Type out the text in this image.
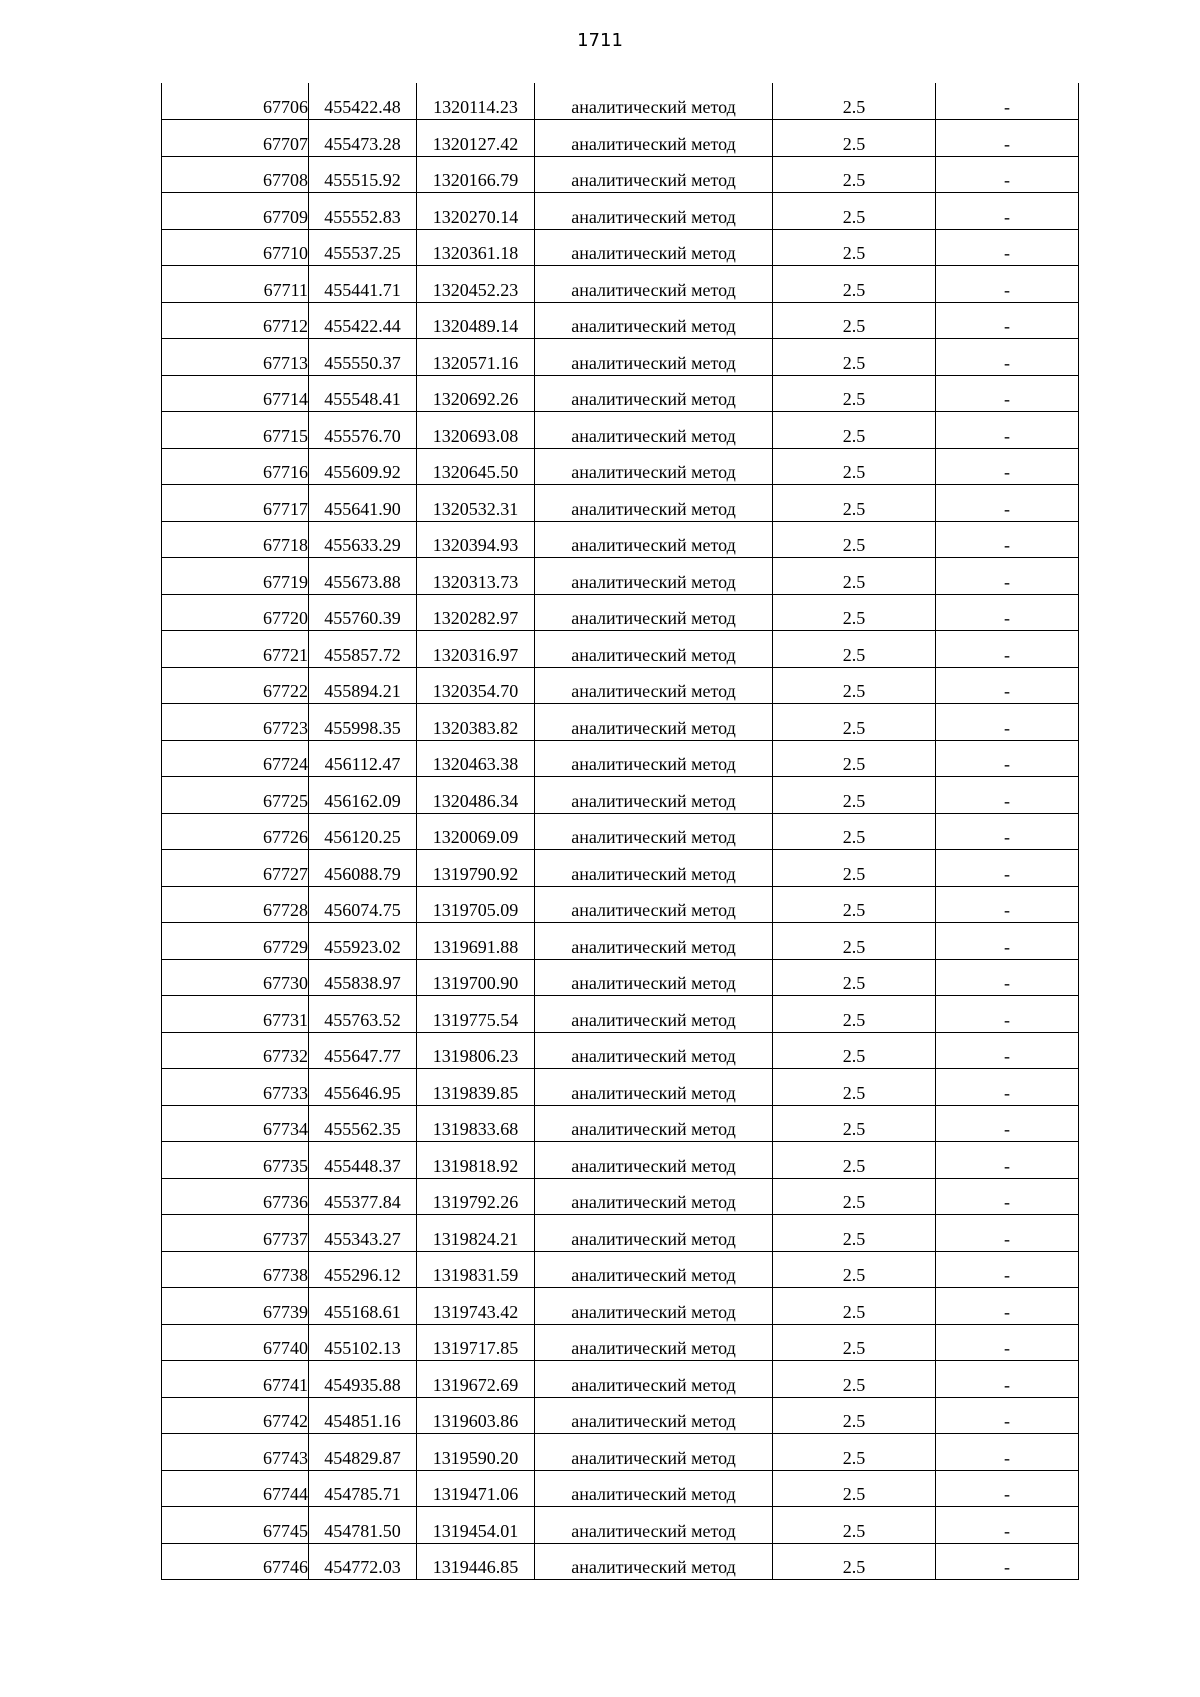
1711
67706	455422.48	1320114.23	аналитический метод	2.5	-
67707	455473.28	1320127.42	аналитический метод	2.5	-
67708	455515.92	1320166.79	аналитический метод	2.5	-
67709	455552.83	1320270.14	аналитический метод	2.5	-
67710	455537.25	1320361.18	аналитический метод	2.5	-
67711	455441.71	1320452.23	аналитический метод	2.5	-
67712	455422.44	1320489.14	аналитический метод	2.5	-
67713	455550.37	1320571.16	аналитический метод	2.5	-
67714	455548.41	1320692.26	аналитический метод	2.5	-
67715	455576.70	1320693.08	аналитический метод	2.5	-
67716	455609.92	1320645.50	аналитический метод	2.5	-
67717	455641.90	1320532.31	аналитический метод	2.5	-
67718	455633.29	1320394.93	аналитический метод	2.5	-
67719	455673.88	1320313.73	аналитический метод	2.5	-
67720	455760.39	1320282.97	аналитический метод	2.5	-
67721	455857.72	1320316.97	аналитический метод	2.5	-
67722	455894.21	1320354.70	аналитический метод	2.5	-
67723	455998.35	1320383.82	аналитический метод	2.5	-
67724	456112.47	1320463.38	аналитический метод	2.5	-
67725	456162.09	1320486.34	аналитический метод	2.5	-
67726	456120.25	1320069.09	аналитический метод	2.5	-
67727	456088.79	1319790.92	аналитический метод	2.5	-
67728	456074.75	1319705.09	аналитический метод	2.5	-
67729	455923.02	1319691.88	аналитический метод	2.5	-
67730	455838.97	1319700.90	аналитический метод	2.5	-
67731	455763.52	1319775.54	аналитический метод	2.5	-
67732	455647.77	1319806.23	аналитический метод	2.5	-
67733	455646.95	1319839.85	аналитический метод	2.5	-
67734	455562.35	1319833.68	аналитический метод	2.5	-
67735	455448.37	1319818.92	аналитический метод	2.5	-
67736	455377.84	1319792.26	аналитический метод	2.5	-
67737	455343.27	1319824.21	аналитический метод	2.5	-
67738	455296.12	1319831.59	аналитический метод	2.5	-
67739	455168.61	1319743.42	аналитический метод	2.5	-
67740	455102.13	1319717.85	аналитический метод	2.5	-
67741	454935.88	1319672.69	аналитический метод	2.5	-
67742	454851.16	1319603.86	аналитический метод	2.5	-
67743	454829.87	1319590.20	аналитический метод	2.5	-
67744	454785.71	1319471.06	аналитический метод	2.5	-
67745	454781.50	1319454.01	аналитический метод	2.5	-
67746	454772.03	1319446.85	аналитический метод	2.5	-
